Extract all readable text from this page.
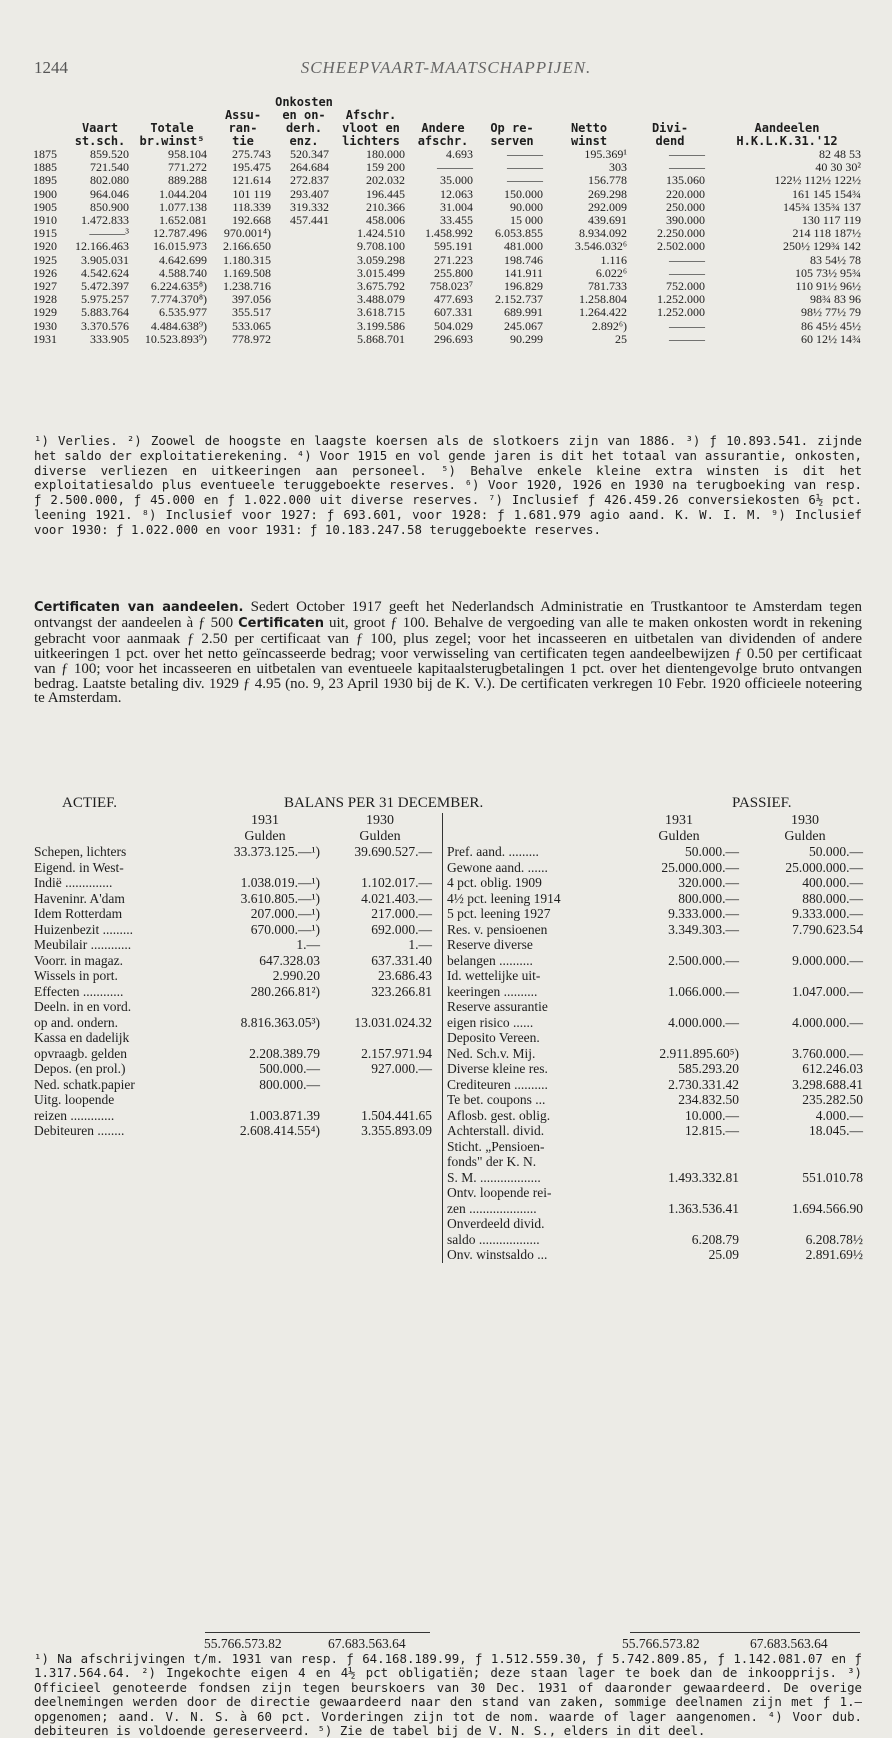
1244	SCHEEPVAART-MAATSCHAPPIJEN.
				Onkosten						
			Assu-	en on-	Afschr.					
	Vaart	Totale	ran-	derh.	vloot en	Andere	Op re-	Netto	Divi-	Aandeelen
	st.sch.	br.winst⁵	tie	enz.	lichters	afschr.	serven	winst	dend	H.K.L.K.31.'12
1875	859.520	958.104	275.743	520.347	180.000	4.693	———	195.369¹	———	82 48 53
1885	721.540	771.272	195.475	264.684	159 200	———	———	303	———	40 30 30²
1895	802.080	889.288	121.614	272.837	202.032	35.000	———	156.778	135.060	122½ 112½ 122½
1900	964.046	1.044.204	101 119	293.407	196.445	12.063	150.000	269.298	220.000	161 145 154¾
1905	850.900	1.077.138	118.339	319.332	210.366	31.004	90.000	292.009	250.000	145¾ 135¾ 137
1910	1.472.833	1.652.081	192.668	457.441	458.006	33.455	15 000	439.691	390.000	130 117 119
1915	———³	12.787.496	970.001⁴)		1.424.510	1.458.992	6.053.855	8.934.092	2.250.000	214 118 187½
1920	12.166.463	16.015.973	2.166.650		9.708.100	595.191	481.000	3.546.032⁶	2.502.000	250½ 129¾ 142
1925	3.905.031	4.642.699	1.180.315		3.059.298	271.223	198.746	1.116	———	83 54½ 78
1926	4.542.624	4.588.740	1.169.508		3.015.499	255.800	141.911	6.022⁶	———	105 73½ 95¾
1927	5.472.397	6.224.635⁸)	1.238.716		3.675.792	758.023⁷	196.829	781.733	752.000	110 91½ 96½
1928	5.975.257	7.774.370⁸)	397.056		3.488.079	477.693	2.152.737	1.258.804	1.252.000	98¾ 83 96
1929	5.883.764	6.535.977	355.517		3.618.715	607.331	689.991	1.264.422	1.252.000	98½ 77½ 79
1930	3.370.576	4.484.638⁹)	533.065		3.199.586	504.029	245.067	2.892⁶)	———	86 45½ 45½
1931	333.905	10.523.893⁹)	778.972		5.868.701	296.693	90.299	25	———	60 12½ 14¾

¹) Verlies. ²) Zoowel de hoogste en laagste koersen als de slotkoers zijn van 1886. ³) ƒ 10.893.541. zijnde het saldo der exploitatierekening. ⁴) Voor 1915 en vol gende jaren is dit het totaal van assurantie, onkosten, diverse verliezen en uitkeeringen aan personeel. ⁵) Behalve enkele kleine extra winsten is dit het exploitatiesaldo plus eventueele teruggeboekte reserves. ⁶) Voor 1920, 1926 en 1930 na terugboeking van resp. ƒ 2.500.000, ƒ 45.000 en ƒ 1.022.000 uit diverse reserves. ⁷) Inclusief ƒ 426.459.26 conversiekosten 6½ pct. leening 1921. ⁸) Inclusief voor 1927: ƒ 693.601, voor 1928: ƒ 1.681.979 agio aand. K. W. I. M. ⁹) Inclusief voor 1930: ƒ 1.022.000 en voor 1931: ƒ 10.183.247.58 teruggeboekte reserves.

Certificaten van aandeelen. Sedert October 1917 geeft het Nederlandsch Administratie en Trustkantoor te Amsterdam tegen ontvangst der aandeelen à ƒ 500 Certificaten uit, groot ƒ 100. Behalve de vergoeding van alle te maken onkosten wordt in rekening gebracht voor aanmaak ƒ 2.50 per certificaat van ƒ 100, plus zegel; voor het incasseeren en uitbetalen van dividenden of andere uitkeeringen 1 pct. over het netto geïncasseerde bedrag; voor verwisseling van certificaten tegen aandeelbewijzen ƒ 0.50 per certificaat van ƒ 100; voor het incasseeren en uitbetalen van eventueele kapitaalsterugbetalingen 1 pct. over het dientengevolge bruto ontvangen bedrag. Laatste betaling div. 1929 ƒ 4.95 (no. 9, 23 April 1930 bij de K. V.). De certificaten verkregen 10 Febr. 1920 officieele noteering te Amsterdam.

ACTIEF.	BALANS PER 31 DECEMBER.	PASSIEF.
	1931	1930
	Gulden	Gulden
Schepen, lichters	33.373.125.—¹)	39.690.527.—
Eigend. in West-		
Indië ..............	1.038.019.—¹)	1.102.017.—
Haveninr. A'dam	3.610.805.—¹)	4.021.403.—
Idem Rotterdam	207.000.—¹)	217.000.—
Huizenbezit .........	670.000.—¹)	692.000.—
Meubilair ............	1.—	1.—
Voorr. in magaz.	647.328.03	637.331.40
Wissels in port.	2.990.20	23.686.43
Effecten ............	280.266.81²)	323.266.81
Deeln. in en vord.		
op and. ondern.	8.816.363.05³)	13.031.024.32
Kassa en dadelijk		
opvraagb. gelden	2.208.389.79	2.157.971.94
Depos. (en prol.)	500.000.—	927.000.—
Ned. schatk.papier	800.000.—	
Uitg. loopende		
reizen .............	1.003.871.39	1.504.441.65
Debiteuren ........	2.608.414.55⁴)	3.355.893.09
	1931	1930
	Gulden	Gulden
Pref. aand. .........	50.000.—	50.000.—
Gewone aand. ......	25.000.000.—	25.000.000.—
4 pct. oblig. 1909	320.000.—	400.000.—
4½ pct. leening 1914	800.000.—	880.000.—
5 pct. leening 1927	9.333.000.—	9.333.000.—
Res. v. pensioenen	3.349.303.—	7.790.623.54
Reserve diverse		
belangen ..........	2.500.000.—	9.000.000.—
Id. wettelijke uit-		
keeringen ..........	1.066.000.—	1.047.000.—
Reserve assurantie		
eigen risico ......	4.000.000.—	4.000.000.—
Deposito Vereen.		
Ned. Sch.v. Mij.	2.911.895.60⁵)	3.760.000.—
Diverse kleine res.	585.293.20	612.246.03
Crediteuren ..........	2.730.331.42	3.298.688.41
Te bet. coupons ...	234.832.50	235.282.50
Aflosb. gest. oblig.	10.000.—	4.000.—
Achterstall. divid.	12.815.—	18.045.—
Sticht. „Pensioen-		
fonds" der K. N.		
S. M. ..................	1.493.332.81	551.010.78
Ontv. loopende rei-		
zen ....................	1.363.536.41	1.694.566.90
Onverdeeld divid.		
saldo ..................	6.208.79	6.208.78½
Onv. winstsaldo ...	25.09	2.891.69½
55.766.573.82	67.683.563.64	55.766.573.82	67.683.563.64
¹) Na afschrijvingen t/m. 1931 van resp. ƒ 64.168.189.99, ƒ 1.512.559.30, ƒ 5.742.809.85, ƒ 1.142.081.07 en ƒ 1.317.564.64. ²) Ingekochte eigen 4 en 4½ pct obligatiën; deze staan lager te boek dan de inkoopprijs. ³) Officieel genoteerde fondsen zijn tegen beurskoers van 30 Dec. 1931 of daaronder gewaardeerd. De overige deelnemingen werden door de directie gewaardeerd naar den stand van zaken, sommige deelnamen zijn met ƒ 1.— opgenomen; aand. V. N. S. à 60 pct. Vorderingen zijn tot de nom. waarde of lager aangenomen. ⁴) Voor dub. debiteuren is voldoende gereserveerd. ⁵) Zie de tabel bij de V. N. S., elders in dit deel.
